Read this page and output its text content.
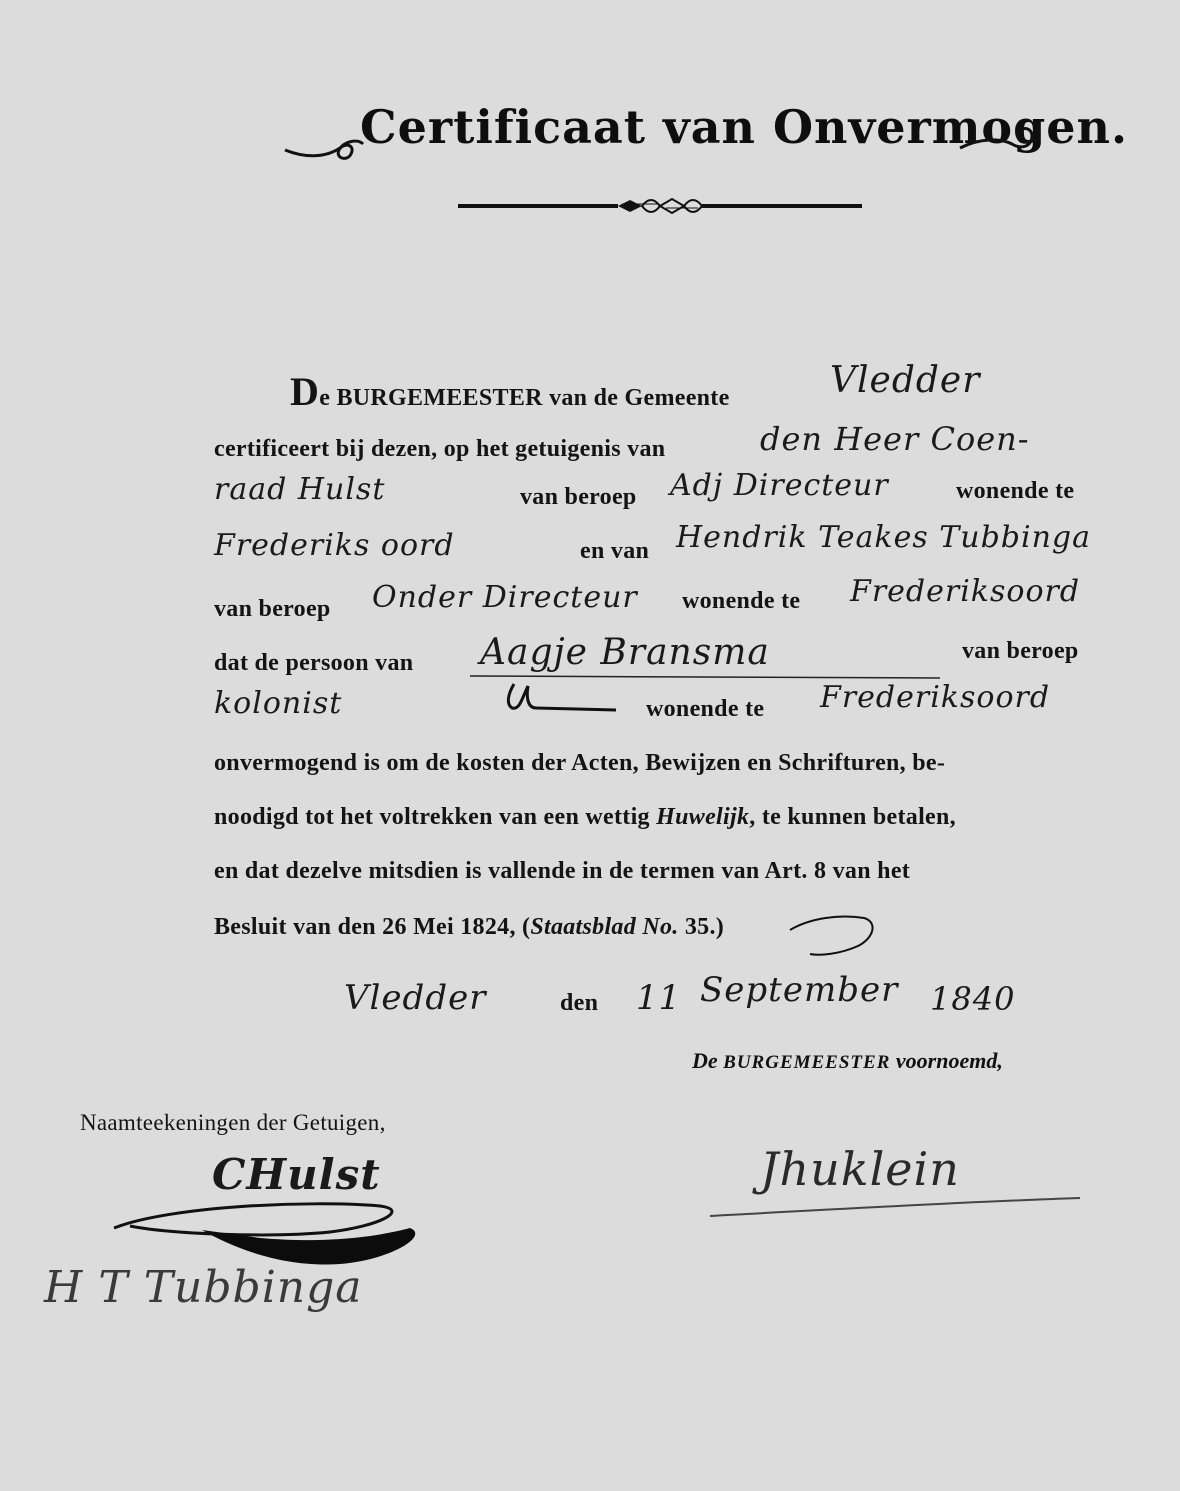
Certificaat van Onvermogen.
De BURGEMEESTER van de Gemeente	Vledder
certificeert bij dezen, op het getuigenis van	den Heer Coen-
raad Hulst	van beroep Adj Directeur	wonende te
Frederiks oord	en van Hendrik Teakes Tubbinga
van beroep Onder Directeur wonende te Frederiksoord
dat de persoon van Aagje Bransma	van beroep
kolonist	wonende te Frederiksoord
onvermogend is om de kosten der Acten, Bewijzen en Schrifturen, be-
noodigd tot het voltrekken van een wettig Huwelijk, te kunnen betalen,
en dat dezelve mitsdien is vallende in de termen van Art. 8 van het
Besluit van den 26 Mei 1824, (Staatsblad No. 35.)
Vledder	den 11 September 1840
De BURGEMEESTER voornoemd,
Naamteekeningen der Getuigen,
CHulst
H T Tubbinga
Jhuklein
